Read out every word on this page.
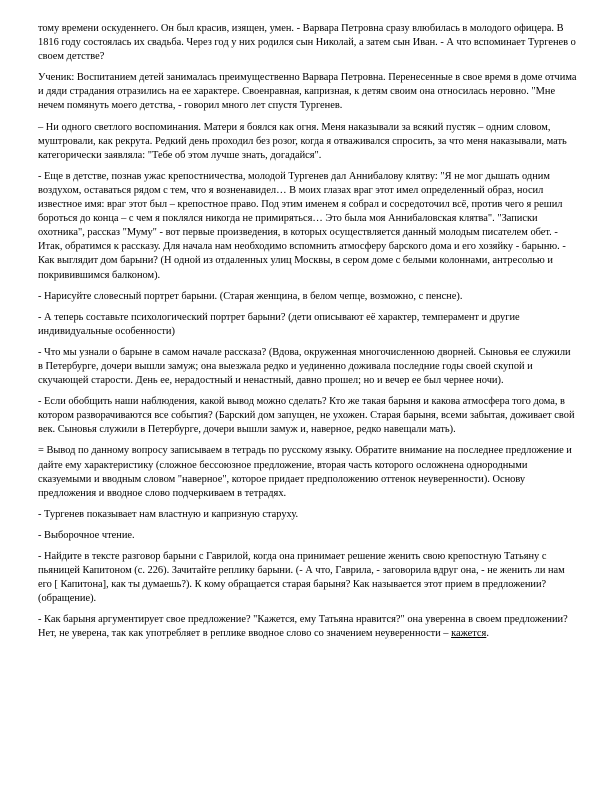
тому времени оскуденнего. Он был красив, изящен, умен. - Варвара Петровна сразу влюбилась в молодого офицера. В 1816 году состоялась их свадьба. Через год у них родился сын Николай, а затем сын Иван. - А что вспоминает Тургенев о своем детстве?

Ученик: Воспитанием детей занималась преимущественно Варвара Петровна. Перенесенные в свое время в доме отчима и дяди страдания отразились на ее характере. Своенравная, капризная, к детям своим она относилась неровно. "Мне нечем помянуть моего детства, - говорил много лет спустя Тургенев.

– Ни одного светлого воспоминания. Матери я боялся как огня. Меня наказывали за всякий пустяк – одним словом, муштровали, как рекрута. Редкий день проходил без розог, когда я отваживался спросить, за что меня наказывали, мать категорически заявляла: "Тебе об этом лучше знать, догадайся".

- Еще в детстве, познав ужас крепостничества, молодой Тургенев дал Аннибалову клятву: "Я не мог дышать одним воздухом, оставаться рядом с тем, что я возненавидел… В моих глазах враг этот имел определенный образ, носил известное имя: враг этот был – крепостное право. Под этим именем я собрал и сосредоточил всё, против чего я решил бороться до конца – с чем я поклялся никогда не примиряться… Это была моя Аннибаловская клятва". "Записки охотника", рассказ "Муму" - вот первые произведения, в которых осуществляется данный молодым писателем обет. - Итак, обратимся к рассказу. Для начала нам необходимо вспомнить атмосферу барского дома и его хозяйку - барыню. - Как выглядит дом барыни? (Н одной из отдаленных улиц Москвы, в сером доме с белыми колоннами, антресолью и покривившимся балконом).

- Нарисуйте словесный портрет барыни. (Старая женщина, в белом чепце, возможно, с пенсне).

- А теперь составьте психологический портрет барыни? (дети описывают её характер, темперамент и другие индивидуальные особенности)

- Что мы узнали о барыне в самом начале рассказа? (Вдова, окруженная многочисленною дворней. Сыновья ее служили в Петербурге, дочери вышли замуж; она выезжала редко и уединенно доживала последние годы своей скупой и скучающей старости. День ее, нерадостный и ненастный, давно прошел; но и вечер ее был чернее ночи).

- Если обобщить наши наблюдения, какой вывод можно сделать? Кто же такая барыня и какова атмосфера того дома, в котором разворачиваются все события? (Барский дом запущен, не ухожен. Старая барыня, всеми забытая, доживает свой век. Сыновья служили в Петербурге, дочери вышли замуж и, наверное, редко навещали мать).

= Вывод по данному вопросу записываем в тетрадь по русскому языку. Обратите внимание на последнее предложение и дайте ему характеристику (сложное бессоюзное предложение, вторая часть которого осложнена однородными сказуемыми и вводным словом "наверное", которое придает предположению оттенок неуверенности). Основу предложения и вводное слово подчеркиваем в тетрадях.

- Тургенев показывает нам властную и капризную старуху.

- Выборочное чтение.

- Найдите в тексте разговор барыни с Гаврилой, когда она принимает решение женить свою крепостную Татьяну с пьяницей Капитоном (с. 226). Зачитайте реплику барыни. (- А что, Гаврила, - заговорила вдруг она, - не женить ли нам его [ Капитона], как ты думаешь?). К кому обращается старая барыня? Как называется этот прием в предложении? (обращение).

- Как барыня аргументирует свое предложение? "Кажется, ему Татьяна нравится?" она уверенна в своем предложении? Нет, не уверена, так как употребляет в реплике вводное слово со значением неуверенности – кажется.
